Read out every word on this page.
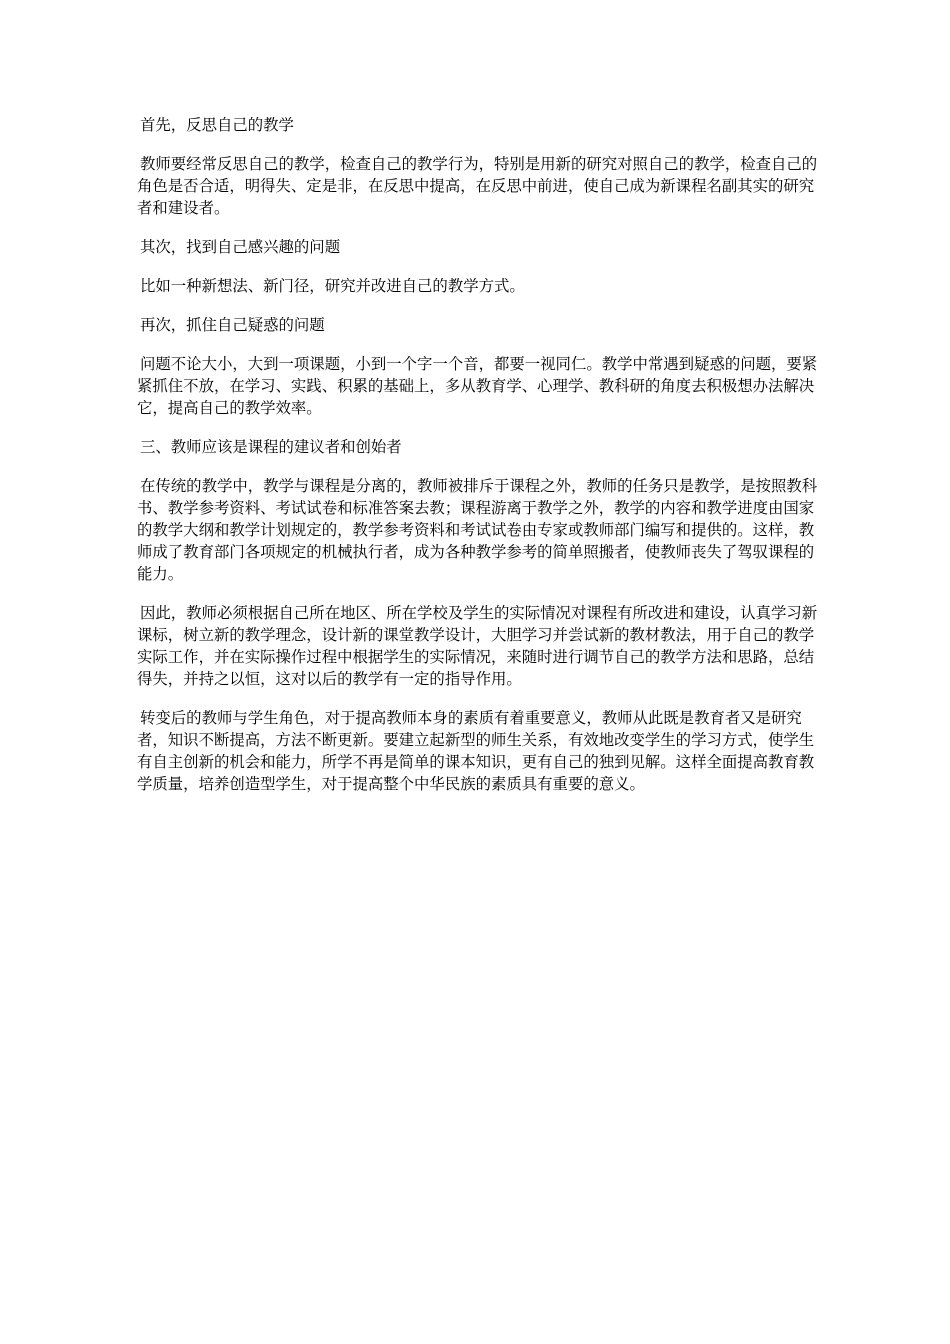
首先，反思自己的教学

教师要经常反思自己的教学，检查自己的教学行为，特别是用新的研究对照自己的教学，检查自己的角色是否合适，明得失、定是非，在反思中提高，在反思中前进，使自己成为新课程名副其实的研究者和建设者。

其次，找到自己感兴趣的问题

比如一种新想法、新门径，研究并改进自己的教学方式。

再次，抓住自己疑惑的问题

问题不论大小，大到一项课题，小到一个字一个音，都要一视同仁。教学中常遇到疑惑的问题，要紧紧抓住不放，在学习、实践、积累的基础上，多从教育学、心理学、教科研的角度去积极想办法解决它，提高自己的教学效率。

三、教师应该是课程的建议者和创始者

在传统的教学中，教学与课程是分离的，教师被排斥于课程之外，教师的任务只是教学，是按照教科书、教学参考资料、考试试卷和标准答案去教；课程游离于教学之外，教学的内容和教学进度由国家的教学大纲和教学计划规定的，教学参考资料和考试试卷由专家或教师部门编写和提供的。这样，教师成了教育部门各项规定的机械执行者，成为各种教学参考的简单照搬者，使教师丧失了驾驭课程的能力。

因此，教师必须根据自己所在地区、所在学校及学生的实际情况对课程有所改进和建设，认真学习新课标，树立新的教学理念，设计新的课堂教学设计，大胆学习并尝试新的教材教法，用于自己的教学实际工作，并在实际操作过程中根据学生的实际情况，来随时进行调节自己的教学方法和思路，总结得失，并持之以恒，这对以后的教学有一定的指导作用。

转变后的教师与学生角色，对于提高教师本身的素质有着重要意义，教师从此既是教育者又是研究者，知识不断提高，方法不断更新。要建立起新型的师生关系，有效地改变学生的学习方式，使学生有自主创新的机会和能力，所学不再是简单的课本知识，更有自己的独到见解。这样全面提高教育教学质量，培养创造型学生，对于提高整个中华民族的素质具有重要的意义。
